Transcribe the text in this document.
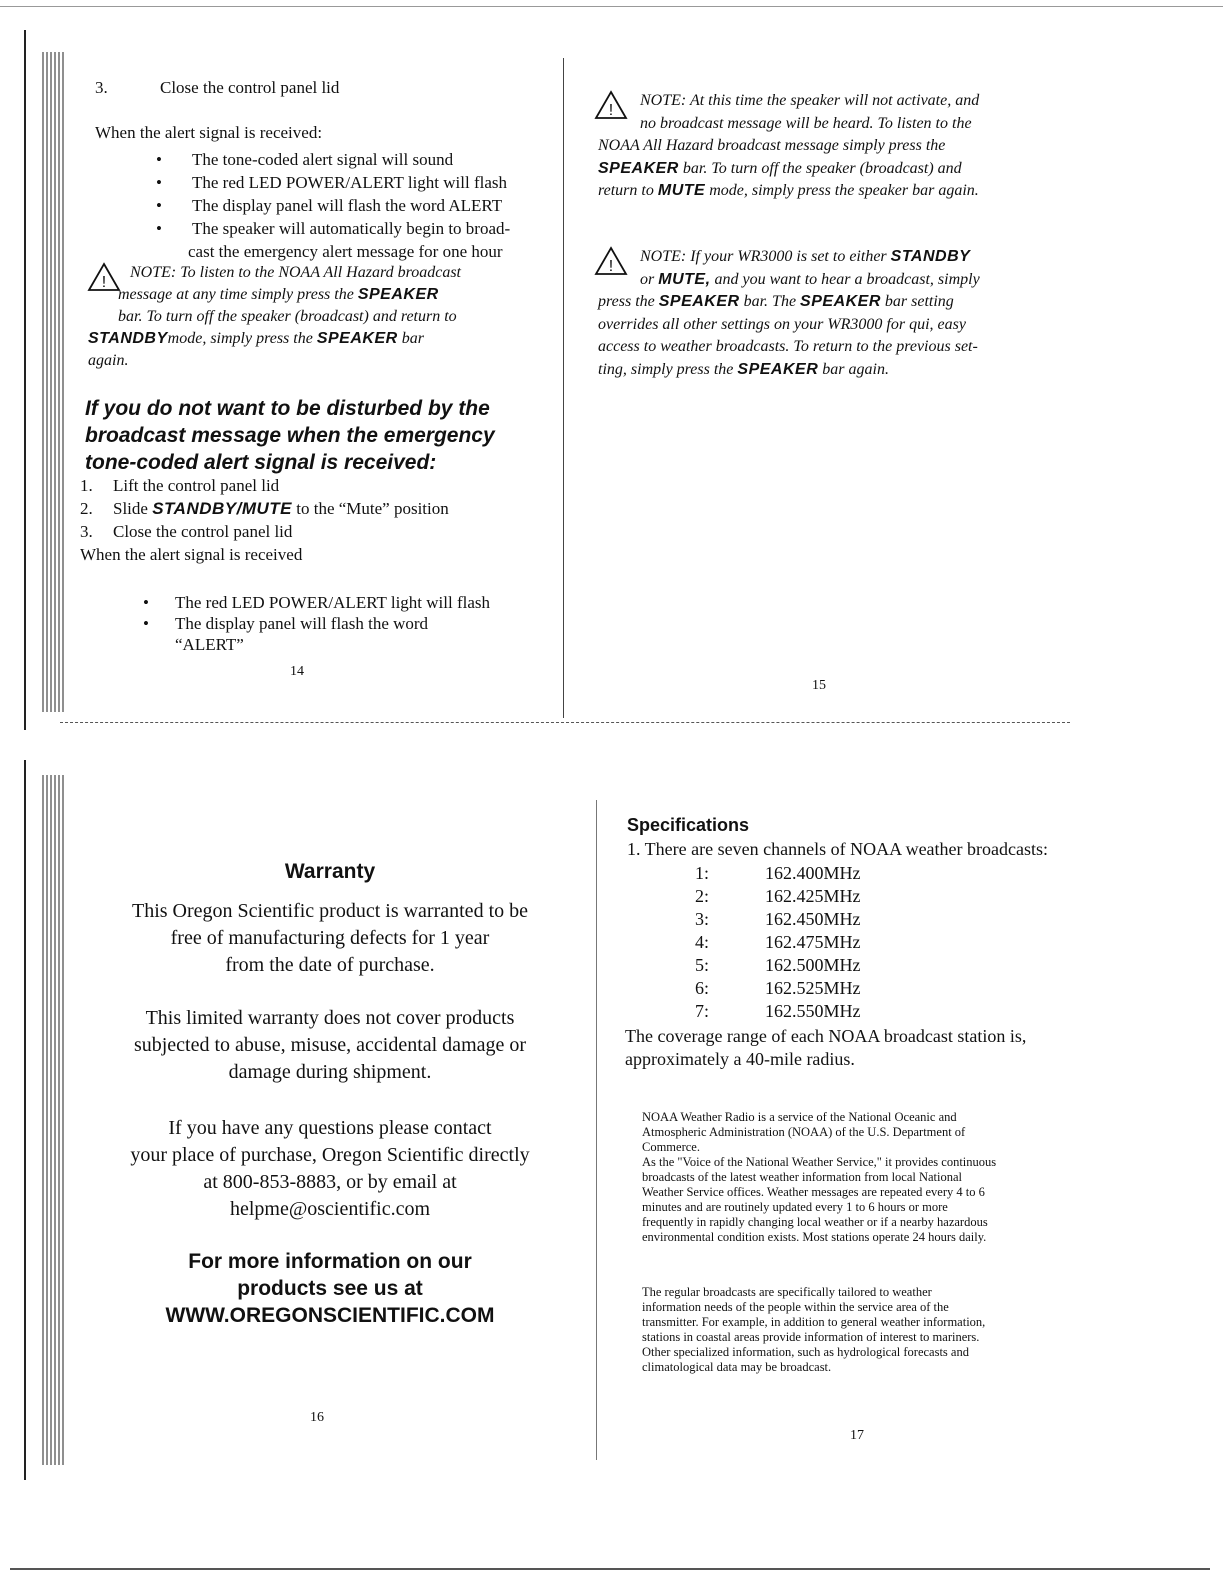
3.	Close the control panel lid

When the alert signal is received:

• The tone-coded alert signal will sound
• The red LED POWER/ALERT light will flash
• The display panel will flash the word ALERT
• The speaker will automatically begin to broad-
cast the emergency alert message for one hour
!
NOTE: To listen to the NOAA All Hazard broadcast
message at any time simply press the SPEAKER
bar. To turn off the speaker (broadcast) and return to
STANDBYmode, simply press the SPEAKER bar
again.
If you do not want to be disturbed by the
broadcast message when the emergency
tone-coded alert signal is received:
1. Lift the control panel lid
2. Slide STANDBY/MUTE to the “Mute” position
3. Close the control panel lid
When the alert signal is received
• The red LED POWER/ALERT light will flash
• The display panel will flash the word
“ALERT”
14
!
NOTE: At this time the speaker will not activate, and
no broadcast message will be heard. To listen to the
NOAA All Hazard broadcast message simply press the
SPEAKER bar. To turn off the speaker (broadcast) and
return to MUTE mode, simply press the speaker bar again.
!
NOTE: If your WR3000 is set to either STANDBY
or MUTE, and you want to hear a broadcast, simply
press the SPEAKER bar. The SPEAKER bar setting
overrides all other settings on your WR3000 for qui, easy
access to weather broadcasts. To return to the previous set-
ting, simply press the SPEAKER bar again.
15
Warranty
This Oregon Scientific product is warranted to be
free of manufacturing defects for 1 year
from the date of purchase.
This limited warranty does not cover products
subjected to abuse, misuse, accidental damage or
damage during shipment.
If you have any questions please contact
your place of purchase, Oregon Scientific directly
at 800-853-8883, or by email at
helpme@oscientific.com
For more information on our
products see us at
WWW.OREGONSCIENTIFIC.COM
16
Specifications
1. There are seven channels of NOAA weather broadcasts:
1:	162.400MHz
2:	162.425MHz
3:	162.450MHz
4:	162.475MHz
5:	162.500MHz
6:	162.525MHz
7:	162.550MHz
The coverage range of each NOAA broadcast station is,
approximately a 40-mile radius.
NOAA Weather Radio is a service of the National Oceanic and
Atmospheric Administration (NOAA) of the U.S. Department of
Commerce.
As the "Voice of the National Weather Service," it provides continuous
broadcasts of the latest weather information from local National
Weather Service offices. Weather messages are repeated every 4 to 6
minutes and are routinely updated every 1 to 6 hours or more
frequently in rapidly changing local weather or if a nearby hazardous
environmental condition exists. Most stations operate 24 hours daily.
The regular broadcasts are specifically tailored to weather
information needs of the people within the service area of the
transmitter. For example, in addition to general weather information,
stations in coastal areas provide information of interest to mariners.
Other specialized information, such as hydrological forecasts and
climatological data may be broadcast.
17
